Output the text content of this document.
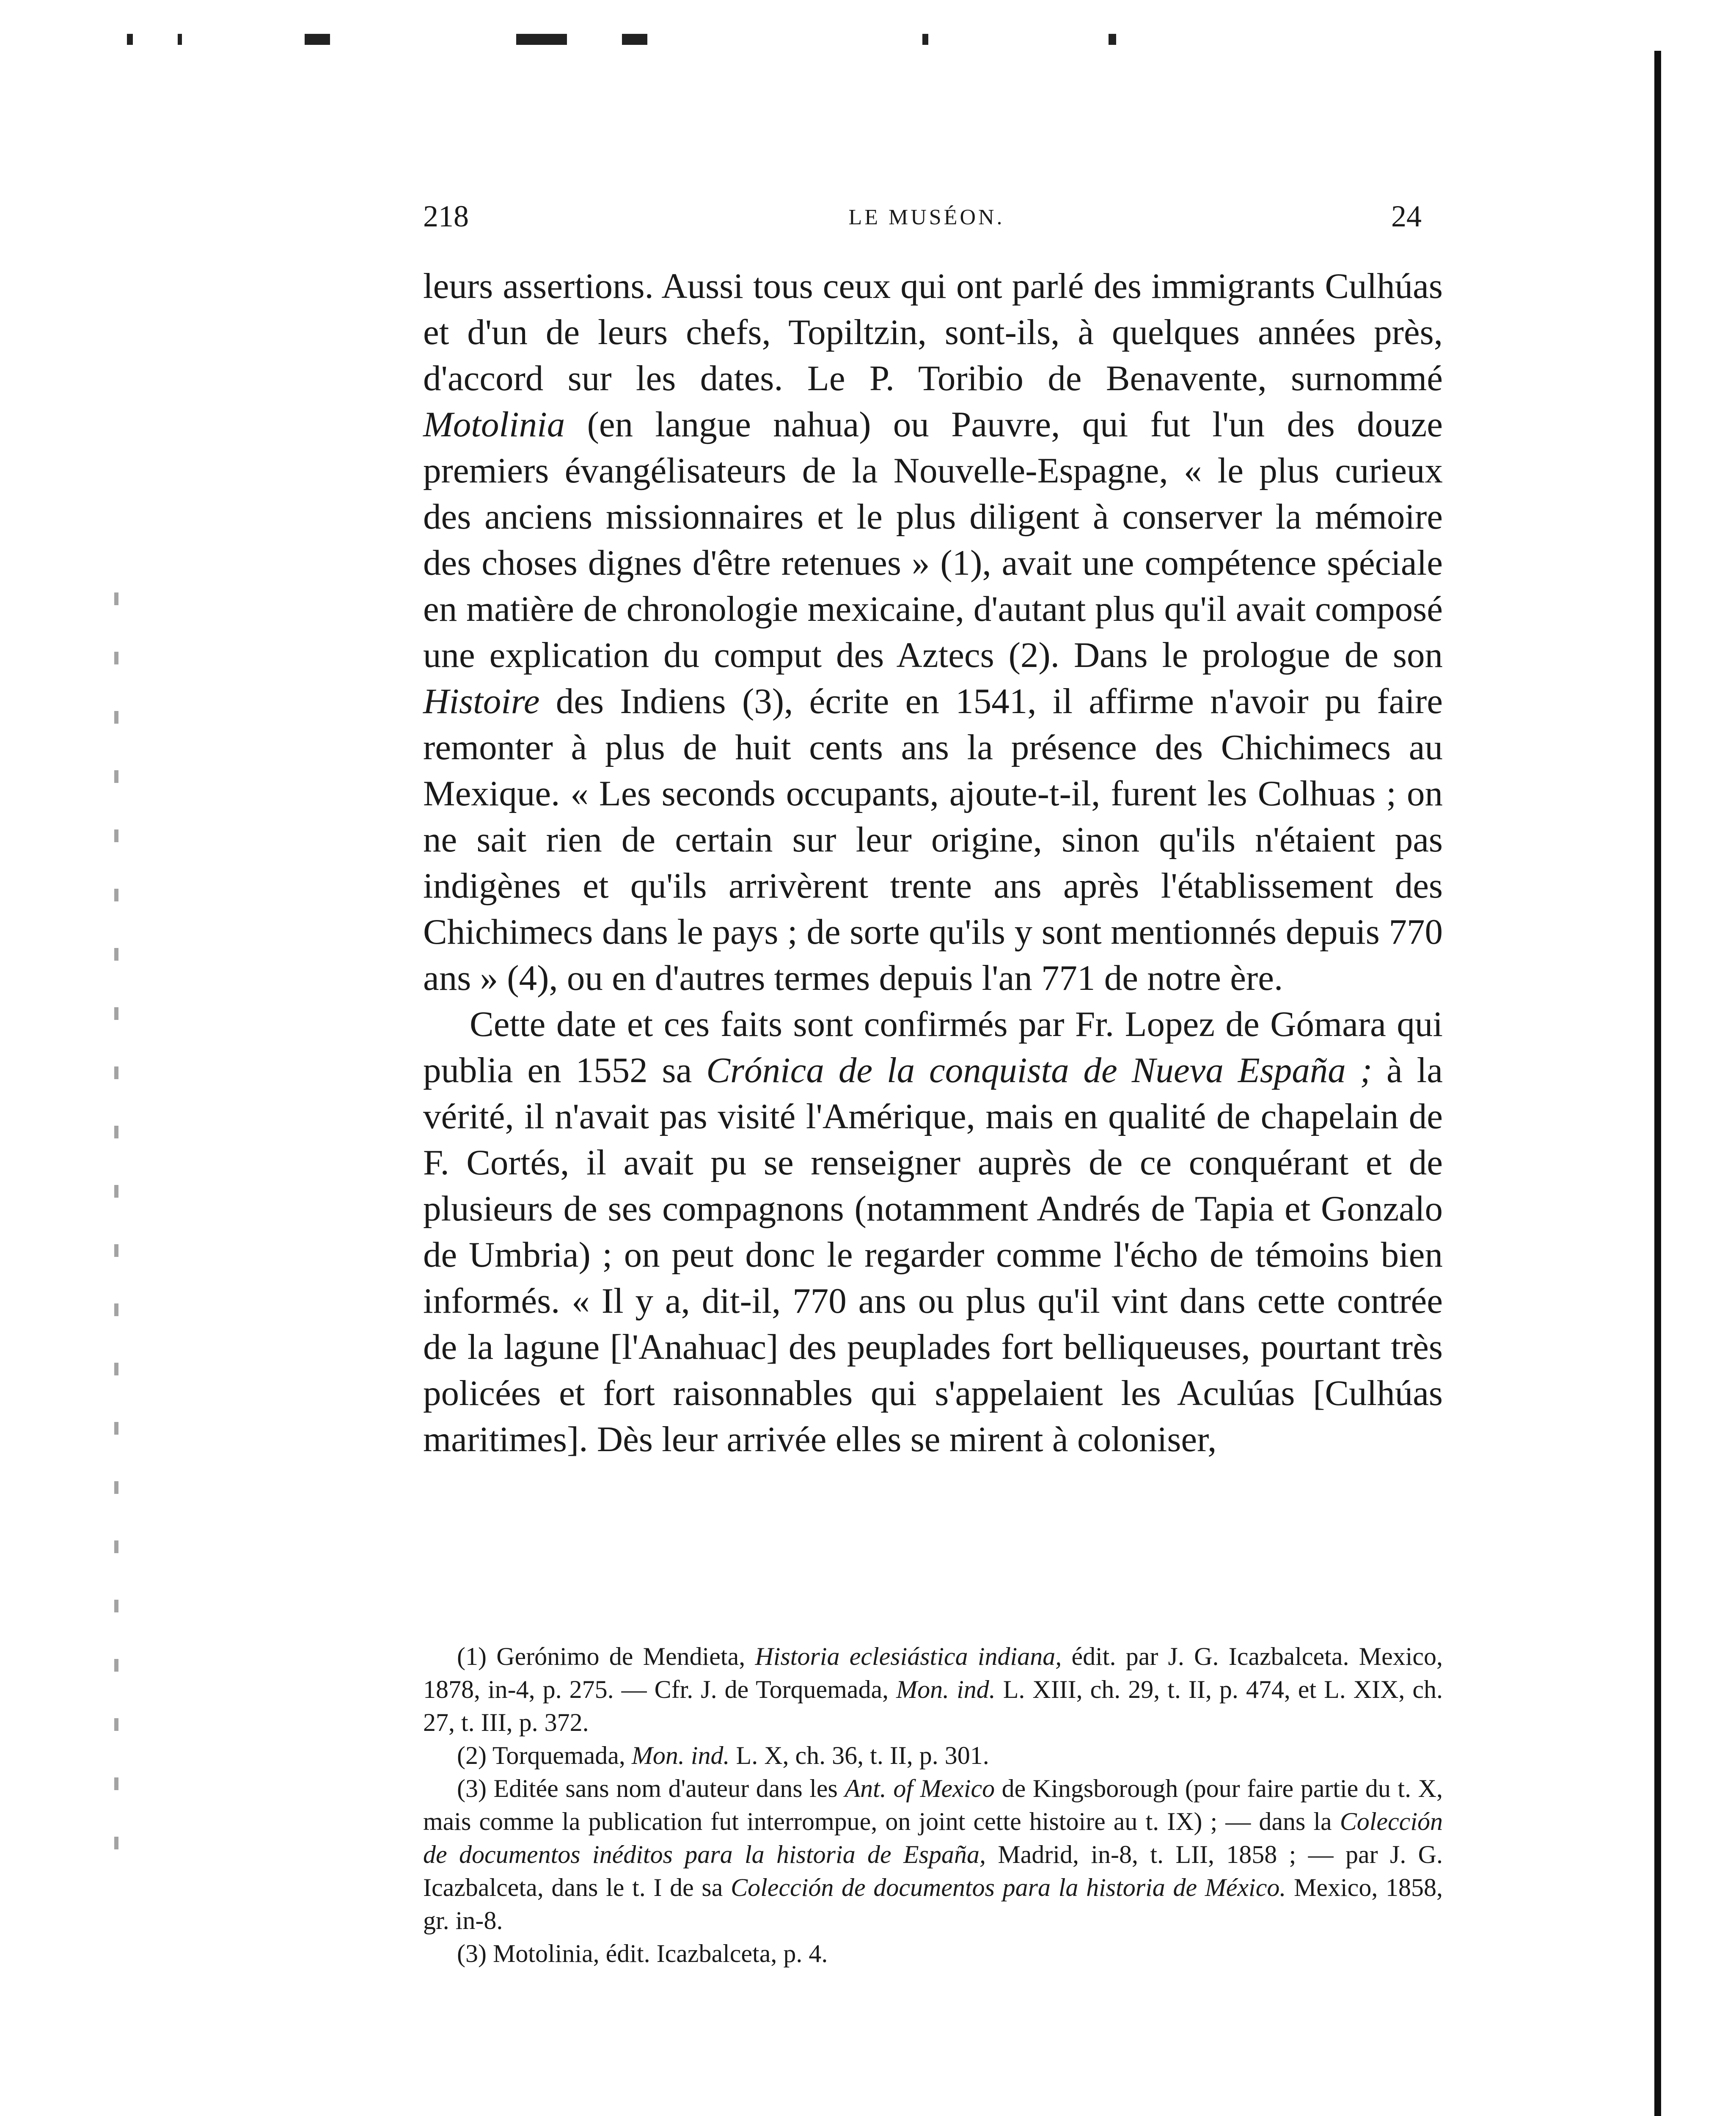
218	LE MUSÉON.	24

leurs assertions. Aussi tous ceux qui ont parlé des immigrants Culhúas et d'un de leurs chefs, Topiltzin, sont-ils, à quelques années près, d'accord sur les dates. Le P. Toribio de Benavente, surnommé Motolinia (en langue nahua) ou Pauvre, qui fut l'un des douze premiers évangélisateurs de la Nouvelle-Espagne, « le plus curieux des anciens missionnaires et le plus diligent à conserver la mémoire des choses dignes d'être retenues » (1), avait une compétence spéciale en matière de chronologie mexicaine, d'autant plus qu'il avait composé une explication du comput des Aztecs (2). Dans le prologue de son Histoire des Indiens (3), écrite en 1541, il affirme n'avoir pu faire remonter à plus de huit cents ans la présence des Chichimecs au Mexique. « Les seconds occupants, ajoute-t-il, furent les Colhuas ; on ne sait rien de certain sur leur origine, sinon qu'ils n'étaient pas indigènes et qu'ils arrivèrent trente ans après l'établissement des Chichimecs dans le pays ; de sorte qu'ils y sont mentionnés depuis 770 ans » (4), ou en d'autres termes depuis l'an 771 de notre ère.

Cette date et ces faits sont confirmés par Fr. Lopez de Gómara qui publia en 1552 sa Crónica de la conquista de Nueva España ; à la vérité, il n'avait pas visité l'Amérique, mais en qualité de chapelain de F. Cortés, il avait pu se renseigner auprès de ce conquérant et de plusieurs de ses compagnons (notamment Andrés de Tapia et Gonzalo de Umbria) ; on peut donc le regarder comme l'écho de témoins bien informés. « Il y a, dit-il, 770 ans ou plus qu'il vint dans cette contrée de la lagune [l'Anahuac] des peuplades fort belliqueuses, pourtant très policées et fort raisonnables qui s'appelaient les Aculúas [Culhúas maritimes]. Dès leur arrivée elles se mirent à coloniser,

(1) Gerónimo de Mendieta, Historia eclesiástica indiana, édit. par J. G. Icazbalceta. Mexico, 1878, in-4, p. 275. — Cfr. J. de Torquemada, Mon. ind. L. XIII, ch. 29, t. II, p. 474, et L. XIX, ch. 27, t. III, p. 372.

(2) Torquemada, Mon. ind. L. X, ch. 36, t. II, p. 301.

(3) Editée sans nom d'auteur dans les Ant. of Mexico de Kingsborough (pour faire partie du t. X, mais comme la publication fut interrompue, on joint cette histoire au t. IX) ; — dans la Colección de documentos inéditos para la historia de España, Madrid, in-8, t. LII, 1858 ; — par J. G. Icazbalceta, dans le t. I de sa Colección de documentos para la historia de México. Mexico, 1858, gr. in-8.

(3) Motolinia, édit. Icazbalceta, p. 4.
